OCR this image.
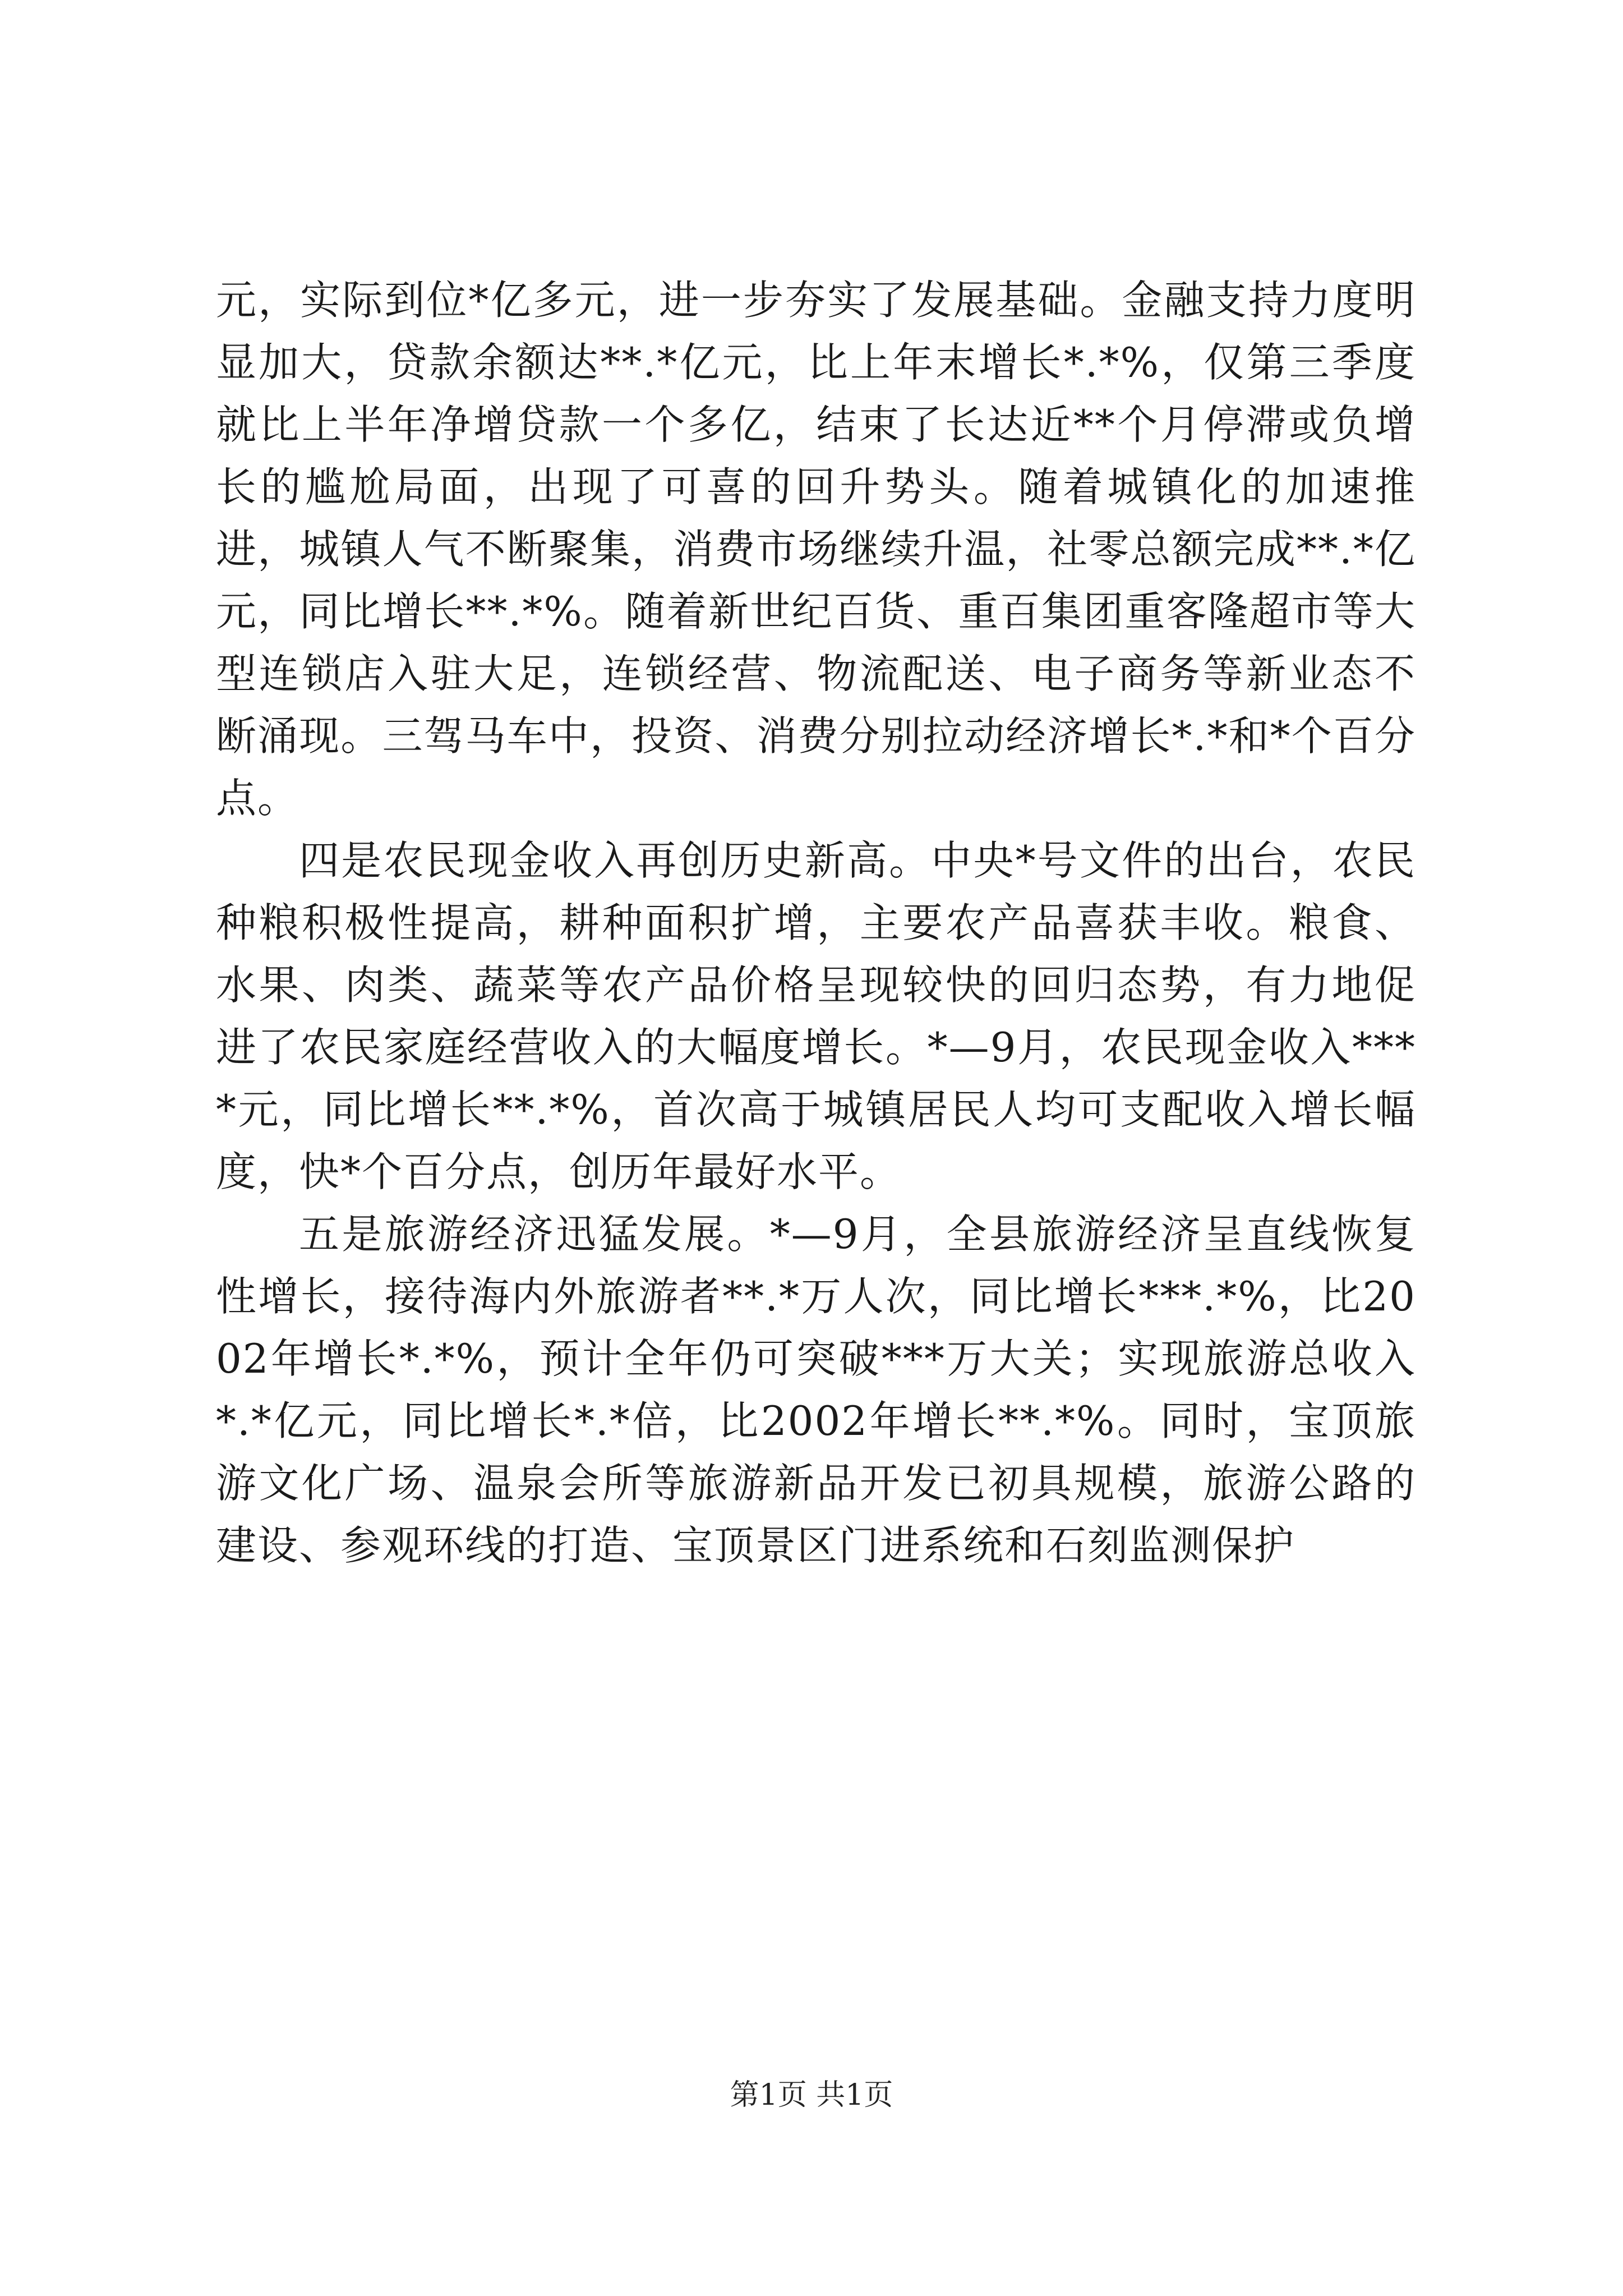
元，实际到位*亿多元，进一步夯实了发展基础。金融支持力度明显加大，贷款余额达**.*亿元，比上年末增长*.*%，仅第三季度就比上半年净增贷款一个多亿，结束了长达近**个月停滞或负增长的尴尬局面，出现了可喜的回升势头。随着城镇化的加速推进，城镇人气不断聚集，消费市场继续升温，社零总额完成**.*亿元，同比增长**.*%。随着新世纪百货、重百集团重客隆超市等大型连锁店入驻大足，连锁经营、物流配送、电子商务等新业态不断涌现。三驾马车中，投资、消费分别拉动经济增长*.*和*个百分点。

四是农民现金收入再创历史新高。中央*号文件的出台，农民种粮积极性提高，耕种面积扩增，主要农产品喜获丰收。粮食、水果、肉类、蔬菜等农产品价格呈现较快的回归态势，有力地促进了农民家庭经营收入的大幅度增长。*—9月，农民现金收入****元，同比增长**.*%，首次高于城镇居民人均可支配收入增长幅度，快*个百分点，创历年最好水平。

五是旅游经济迅猛发展。*—9月，全县旅游经济呈直线恢复性增长，接待海内外旅游者**.*万人次，同比增长***.*%，比2002年增长*.*%，预计全年仍可突破***万大关；实现旅游总收入*.*亿元，同比增长*.*倍，比2002年增长**.*%。同时，宝顶旅游文化广场、温泉会所等旅游新品开发已初具规模，旅游公路的建设、参观环线的打造、宝顶景区门进系统和石刻监测保护

第1页 共1页
